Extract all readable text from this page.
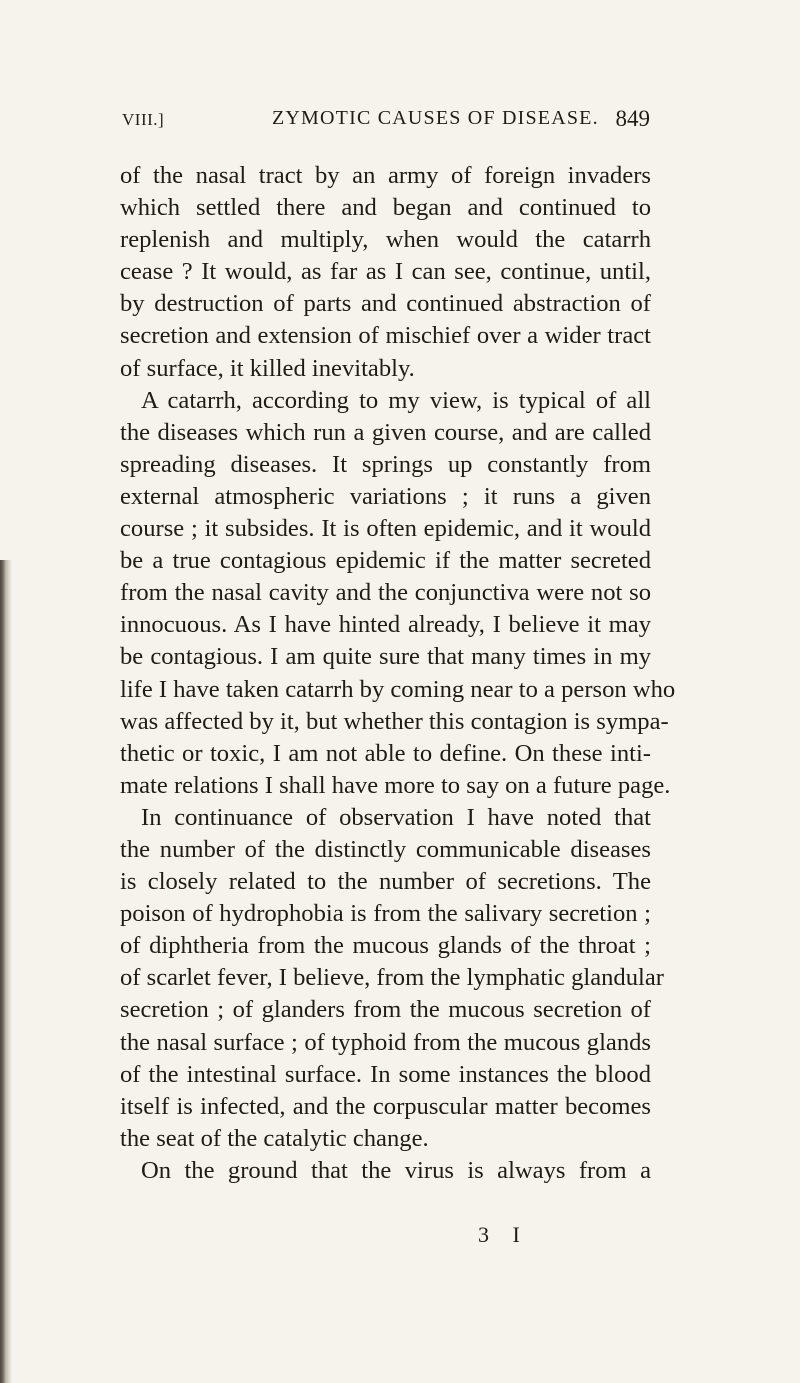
VIII.]	ZYMOTIC CAUSES OF DISEASE. 849
of the nasal tract by an army of foreign invaders
which settled there and began and continued to
replenish and multiply, when would the catarrh
cease ? It would, as far as I can see, continue, until,
by destruction of parts and continued abstraction of
secretion and extension of mischief over a wider tract
of surface, it killed inevitably.
A catarrh, according to my view, is typical of all
the diseases which run a given course, and are called
spreading diseases. It springs up constantly from
external atmospheric variations ; it runs a given
course ; it subsides. It is often epidemic, and it would
be a true contagious epidemic if the matter secreted
from the nasal cavity and the conjunctiva were not so
innocuous. As I have hinted already, I believe it may
be contagious. I am quite sure that many times in my
life I have taken catarrh by coming near to a person who
was affected by it, but whether this contagion is sympa-
thetic or toxic, I am not able to define. On these inti-
mate relations I shall have more to say on a future page.
In continuance of observation I have noted that
the number of the distinctly communicable diseases
is closely related to the number of secretions. The
poison of hydrophobia is from the salivary secretion ;
of diphtheria from the mucous glands of the throat ;
of scarlet fever, I believe, from the lymphatic glandular
secretion ; of glanders from the mucous secretion of
the nasal surface ; of typhoid from the mucous glands
of the intestinal surface. In some instances the blood
itself is infected, and the corpuscular matter becomes
the seat of the catalytic change.
On the ground that the virus is always from a
3 I
